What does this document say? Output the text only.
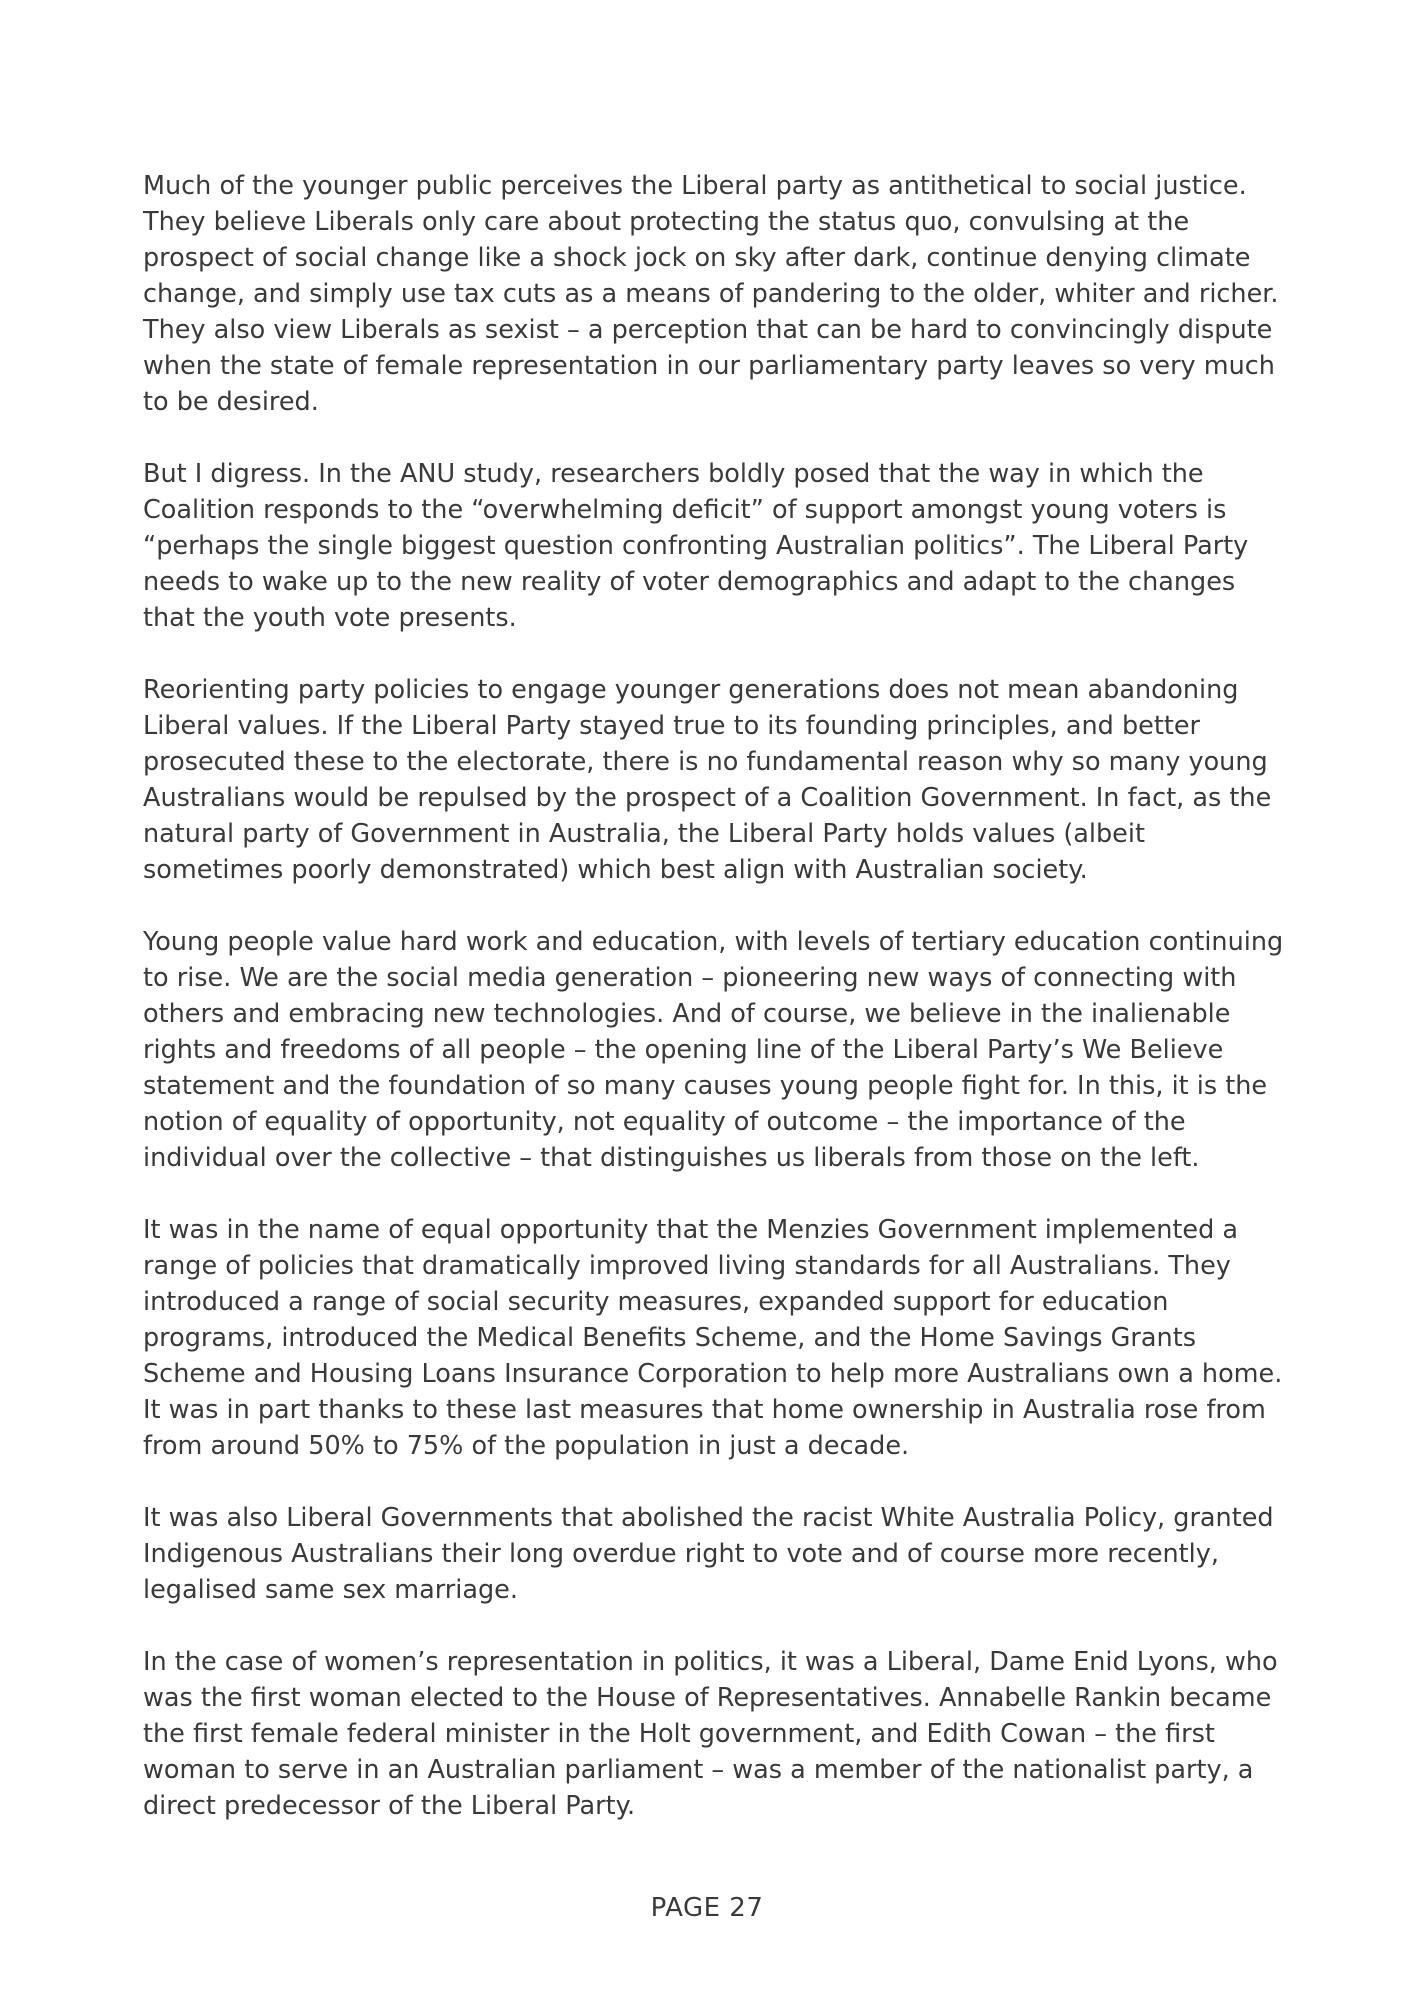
Much of the younger public perceives the Liberal party as antithetical to social justice. They believe Liberals only care about protecting the status quo, convulsing at the prospect of social change like a shock jock on sky after dark, continue denying climate change, and simply use tax cuts as a means of pandering to the older, whiter and richer. They also view Liberals as sexist – a perception that can be hard to convincingly dispute when the state of female representation in our parliamentary party leaves so very much to be desired.

But I digress. In the ANU study, researchers boldly posed that the way in which the Coalition responds to the “overwhelming deficit” of support amongst young voters is “perhaps the single biggest question confronting Australian politics”. The Liberal Party needs to wake up to the new reality of voter demographics and adapt to the changes that the youth vote presents.

Reorienting party policies to engage younger generations does not mean abandoning Liberal values. If the Liberal Party stayed true to its founding principles, and better prosecuted these to the electorate, there is no fundamental reason why so many young Australians would be repulsed by the prospect of a Coalition Government. In fact, as the natural party of Government in Australia, the Liberal Party holds values (albeit sometimes poorly demonstrated) which best align with Australian society.

Young people value hard work and education, with levels of tertiary education continuing to rise. We are the social media generation – pioneering new ways of connecting with others and embracing new technologies. And of course, we believe in the inalienable rights and freedoms of all people – the opening line of the Liberal Party’s We Believe statement and the foundation of so many causes young people fight for. In this, it is the notion of equality of opportunity, not equality of outcome – the importance of the individual over the collective – that distinguishes us liberals from those on the left.

It was in the name of equal opportunity that the Menzies Government implemented a range of policies that dramatically improved living standards for all Australians. They introduced a range of social security measures, expanded support for education programs, introduced the Medical Benefits Scheme, and the Home Savings Grants Scheme and Housing Loans Insurance Corporation to help more Australians own a home. It was in part thanks to these last measures that home ownership in Australia rose from from around 50% to 75% of the population in just a decade.

It was also Liberal Governments that abolished the racist White Australia Policy, granted Indigenous Australians their long overdue right to vote and of course more recently, legalised same sex marriage.

In the case of women’s representation in politics, it was a Liberal, Dame Enid Lyons, who was the first woman elected to the House of Representatives. Annabelle Rankin became the first female federal minister in the Holt government, and Edith Cowan – the first woman to serve in an Australian parliament – was a member of the nationalist party, a direct predecessor of the Liberal Party.

PAGE 27
